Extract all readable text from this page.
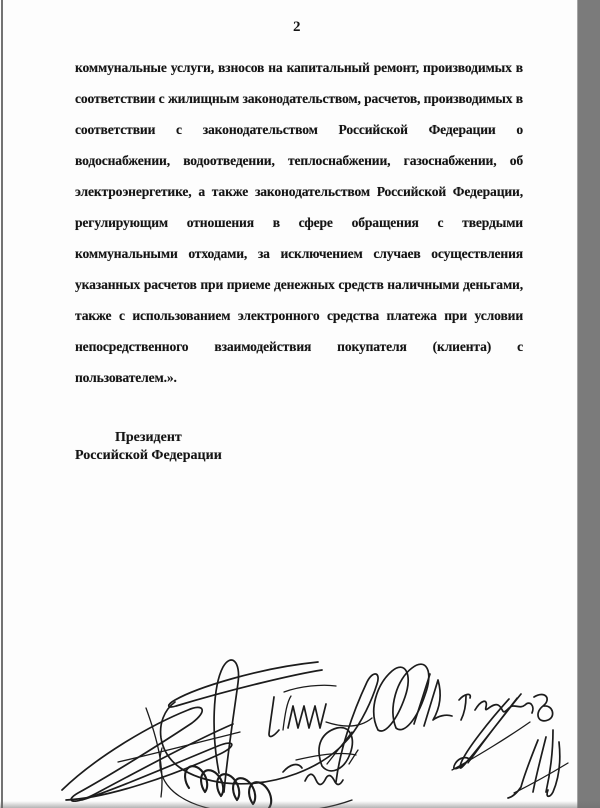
2
коммунальные услуги, взносов на капитальный ремонт, производимых в
соответствии с жилищным законодательством, расчетов, производимых в
соответствии с законодательством Российской Федерации о
водоснабжении, водоотведении, теплоснабжении, газоснабжении, об
электроэнергетике, а также законодательством Российской Федерации,
регулирующим отношения в сфере обращения с твердыми
коммунальными отходами, за исключением случаев осуществления
указанных расчетов при приеме денежных средств наличными деньгами,
также с использованием электронного средства платежа при условии
непосредственного взаимодействия покупателя (клиента) с
пользователем.».
Президент
Российской Федерации
